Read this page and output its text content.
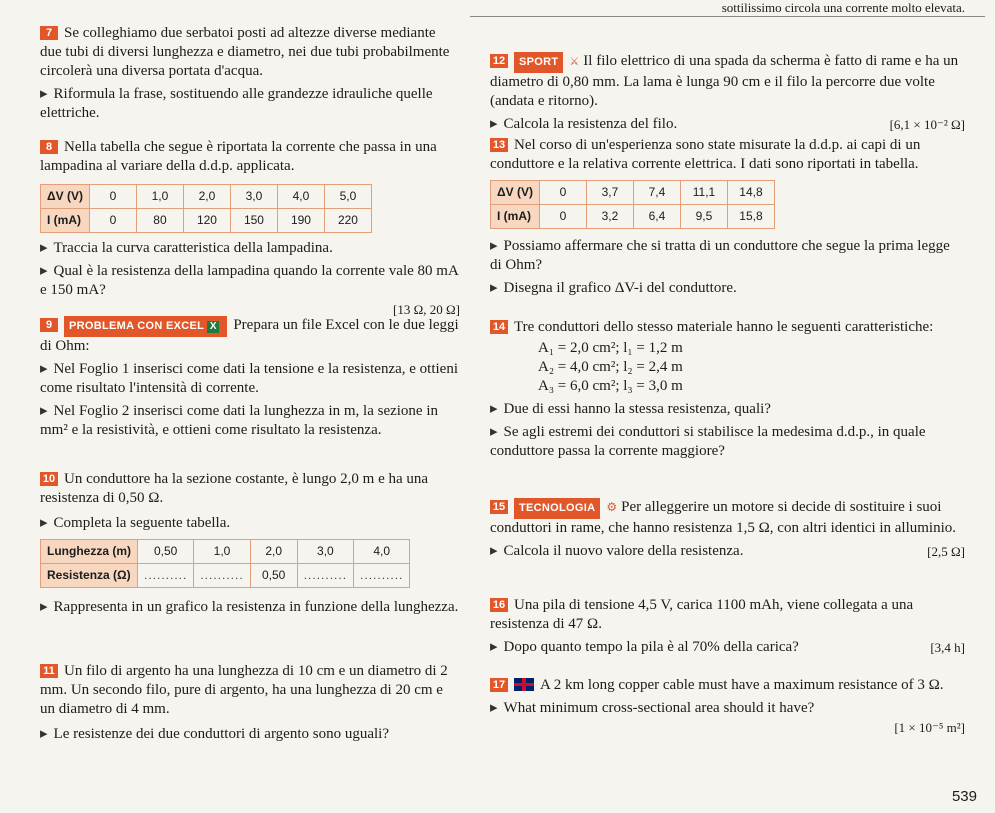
sottilissimo circola una corrente molto elevata.

7 Se colleghiamo due serbatoi posti ad altezze diverse mediante due tubi di diversi lunghezza e diametro, nei due tubi probabilmente circolerà una diversa portata d'acqua.

▸ Riformula la frase, sostituendo alle grandezze idrauliche quelle elettriche.

8 Nella tabella che segue è riportata la corrente che passa in una lampadina al variare della d.d.p. applicata.

ΔV (V)	0	1,0	2,0	3,0	4,0	5,0
I (mA)	0	80	120	150	190	220

▸ Traccia la curva caratteristica della lampadina.

▸ Qual è la resistenza della lampadina quando la corrente vale 80 mA e 150 mA?

[13 Ω, 20 Ω]

9 PROBLEMA CON EXCEL X Prepara un file Excel con le due leggi di Ohm:

▸ Nel Foglio 1 inserisci come dati la tensione e la resistenza, e ottieni come risultato l'intensità di corrente.

▸ Nel Foglio 2 inserisci come dati la lunghezza in m, la sezione in mm² e la resistività, e ottieni come risultato la resistenza.

10 Un conduttore ha la sezione costante, è lungo 2,0 m e ha una resistenza di 0,50 Ω.

▸ Completa la seguente tabella.

Lunghezza (m)	0,50	1,0	2,0	3,0	4,0
Resistenza (Ω)	..........	..........	0,50	..........	..........

▸ Rappresenta in un grafico la resistenza in funzione della lunghezza.

11 Un filo di argento ha una lunghezza di 10 cm e un diametro di 2 mm. Un secondo filo, pure di argento, ha una lunghezza di 20 cm e un diametro di 4 mm.

▸ Le resistenze dei due conduttori di argento sono uguali?

12 SPORT ⚔ Il filo elettrico di una spada da scherma è fatto di rame e ha un diametro di 0,80 mm. La lama è lunga 90 cm e il filo la percorre due volte (andata e ritorno).

▸ Calcola la resistenza del filo.	[6,1 × 10⁻² Ω]

13 Nel corso di un'esperienza sono state misurate la d.d.p. ai capi di un conduttore e la relativa corrente elettrica. I dati sono riportati in tabella.

ΔV (V)	0	3,7	7,4	11,1	14,8
I (mA)	0	3,2	6,4	9,5	15,8

▸ Possiamo affermare che si tratta di un conduttore che segue la prima legge di Ohm?

▸ Disegna il grafico ΔV-i del conduttore.

14 Tre conduttori dello stesso materiale hanno le seguenti caratteristiche:

A₁ = 2,0 cm²; l₁ = 1,2 m

A₂ = 4,0 cm²; l₂ = 2,4 m

A₃ = 6,0 cm²; l₃ = 3,0 m

▸ Due di essi hanno la stessa resistenza, quali?

▸ Se agli estremi dei conduttori si stabilisce la medesima d.d.p., in quale conduttore passa la corrente maggiore?

15 TECNOLOGIA ⚙ Per alleggerire un motore si decide di sostituire i suoi conduttori in rame, che hanno resistenza 1,5 Ω, con altri identici in alluminio.

▸ Calcola il nuovo valore della resistenza.	[2,5 Ω]

16 Una pila di tensione 4,5 V, carica 1100 mAh, viene collegata a una resistenza di 47 Ω.

▸ Dopo quanto tempo la pila è al 70% della carica?	[3,4 h]

17 A 2 km long copper cable must have a maximum resistance of 3 Ω.

▸ What minimum cross-sectional area should it have?

[1 × 10⁻⁵ m²]

539
